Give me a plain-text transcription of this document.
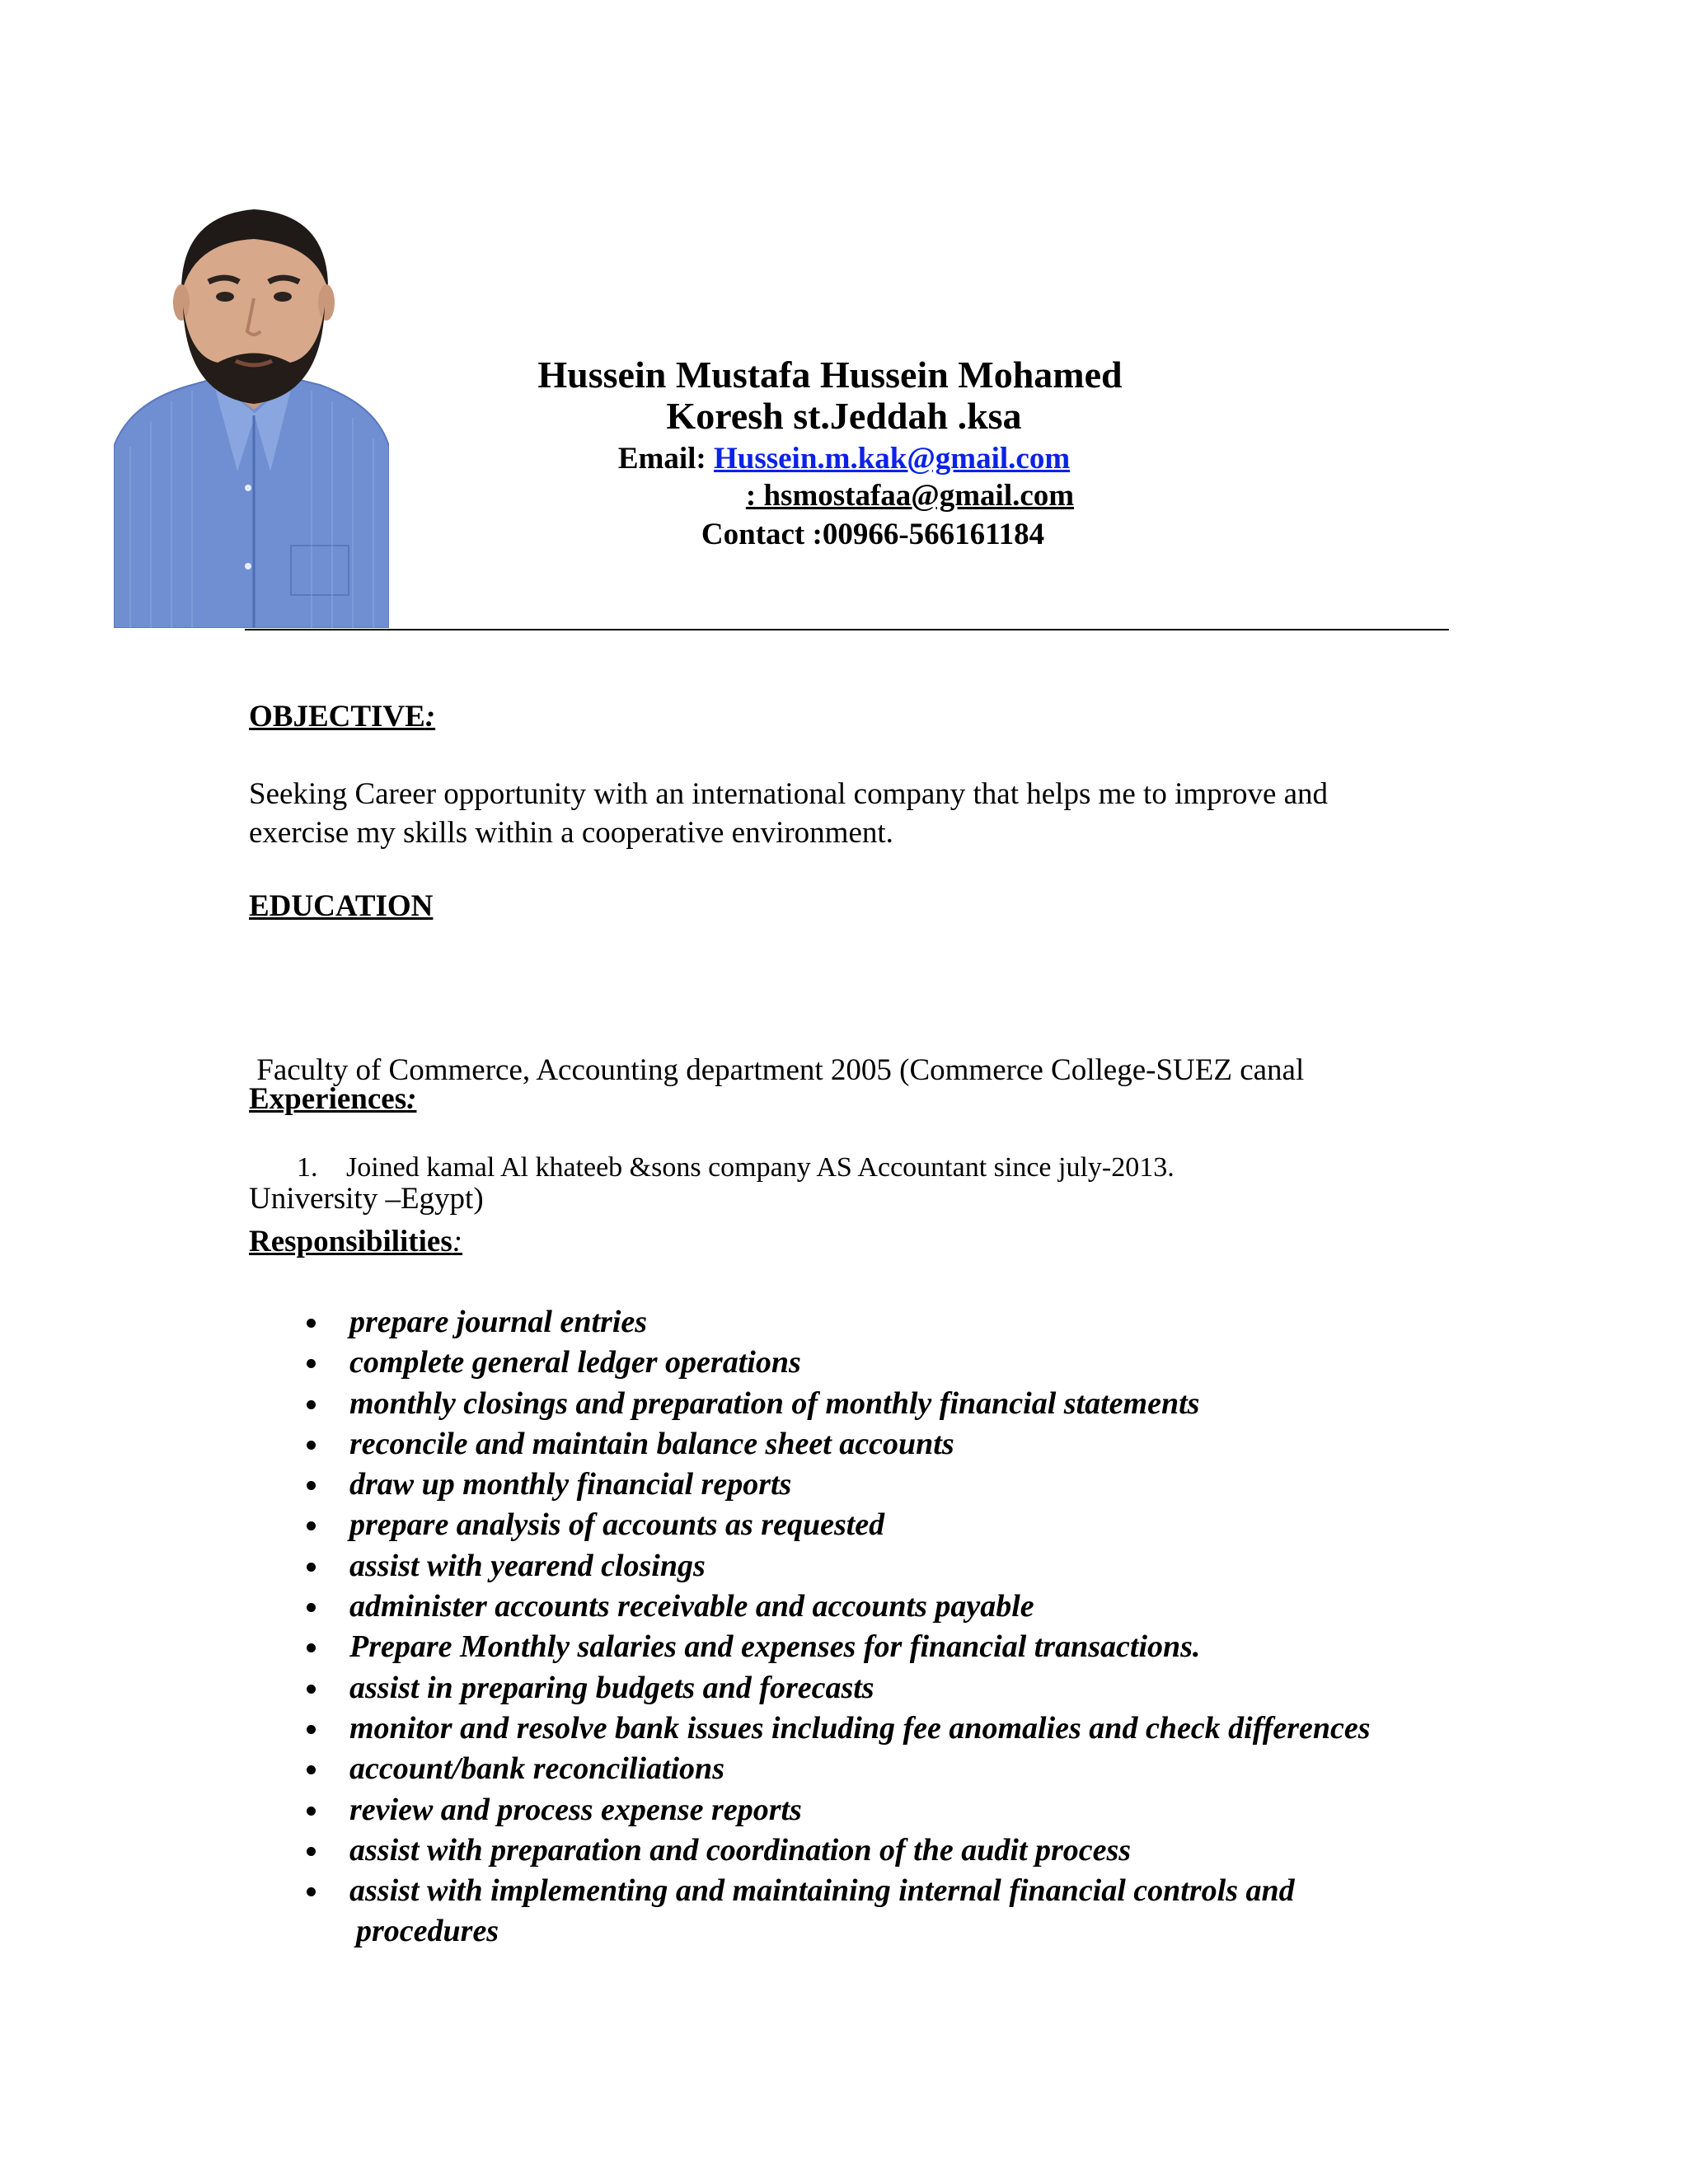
Hussein Mustafa Hussein Mohamed
Koresh st.Jeddah .ksa
Email: Hussein.m.kak@gmail.com
: hsmostafaa@gmail.com
Contact :00966-566161184
OBJECTIVE:
Seeking Career opportunity with an international company that helps me to improve and
exercise my skills within a cooperative environment.
EDUCATION

Faculty of Commerce, Accounting department 2005 (Commerce College-SUEZ canal

University –Egypt)

Experiences:
1. Joined kamal Al khateeb &sons company AS Accountant since july-2013.
Responsibilities:
prepare journal entries
complete general ledger operations
monthly closings and preparation of monthly financial statements
reconcile and maintain balance sheet accounts
draw up monthly financial reports
prepare analysis of accounts as requested
assist with yearend closings
administer accounts receivable and accounts payable
Prepare Monthly salaries and expenses for financial transactions.
assist in preparing budgets and forecasts
monitor and resolve bank issues including fee anomalies and check differences
account/bank reconciliations
review and process expense reports
assist with preparation and coordination of the audit process
assist with implementing and maintaining internal financial controls and
procedures
